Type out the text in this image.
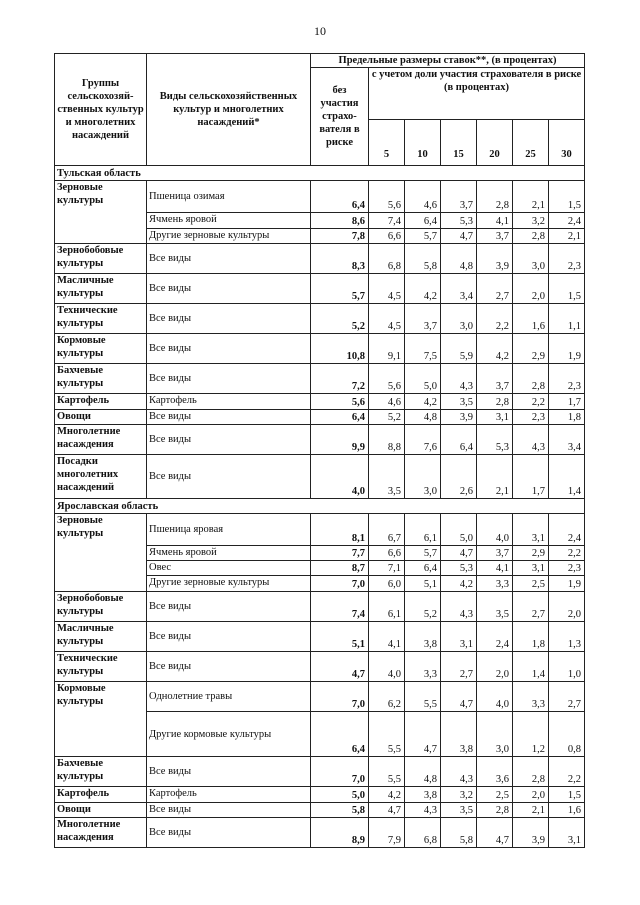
10
Группы сельскохозяй-ственных культур и многолетних насаждений	Виды сельскохозяйственных культур и многолетних насаждений*	Предельные размеры ставок**, (в процентах)						
		без участия страхо-вателя в риске	с учетом доли участия страхователя в риске (в процентах)					
			5	10	15	20	25	30
Тульская область								
Зерновые культуры	Пшеница озимая	6,4	5,6	4,6	3,7	2,8	2,1	1,5
	Ячмень яровой	8,6	7,4	6,4	5,3	4,1	3,2	2,4
	Другие зерновые культуры	7,8	6,6	5,7	4,7	3,7	2,8	2,1
Зернобобовые культуры	Все виды	8,3	6,8	5,8	4,8	3,9	3,0	2,3
Масличные культуры	Все виды	5,7	4,5	4,2	3,4	2,7	2,0	1,5
Технические культуры	Все виды	5,2	4,5	3,7	3,0	2,2	1,6	1,1
Кормовые культуры	Все виды	10,8	9,1	7,5	5,9	4,2	2,9	1,9
Бахчевые культуры	Все виды	7,2	5,6	5,0	4,3	3,7	2,8	2,3
Картофель	Картофель	5,6	4,6	4,2	3,5	2,8	2,2	1,7
Овощи	Все виды	6,4	5,2	4,8	3,9	3,1	2,3	1,8
Многолетние насаждения	Все виды	9,9	8,8	7,6	6,4	5,3	4,3	3,4
Посадки многолетних насаждений	Все виды	4,0	3,5	3,0	2,6	2,1	1,7	1,4
Ярославская область								
Зерновые культуры	Пшеница яровая	8,1	6,7	6,1	5,0	4,0	3,1	2,4
	Ячмень яровой	7,7	6,6	5,7	4,7	3,7	2,9	2,2
	Овес	8,7	7,1	6,4	5,3	4,1	3,1	2,3
	Другие зерновые культуры	7,0	6,0	5,1	4,2	3,3	2,5	1,9
Зернобобовые культуры	Все виды	7,4	6,1	5,2	4,3	3,5	2,7	2,0
Масличные культуры	Все виды	5,1	4,1	3,8	3,1	2,4	1,8	1,3
Технические культуры	Все виды	4,7	4,0	3,3	2,7	2,0	1,4	1,0
Кормовые культуры	Однолетние травы	7,0	6,2	5,5	4,7	4,0	3,3	2,7
	Другие кормовые культуры	6,4	5,5	4,7	3,8	3,0	1,2	0,8
Бахчевые культуры	Все виды	7,0	5,5	4,8	4,3	3,6	2,8	2,2
Картофель	Картофель	5,0	4,2	3,8	3,2	2,5	2,0	1,5
Овощи	Все виды	5,8	4,7	4,3	3,5	2,8	2,1	1,6
Многолетние насаждения	Все виды	8,9	7,9	6,8	5,8	4,7	3,9	3,1
